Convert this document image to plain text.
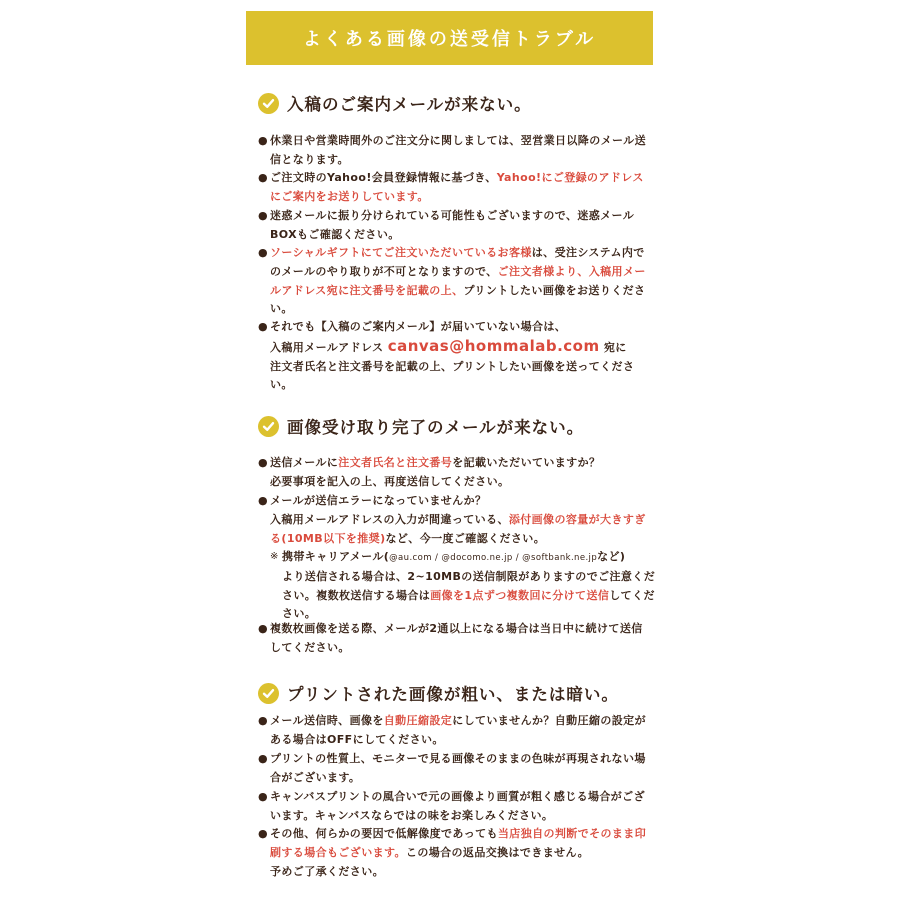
よくある画像の送受信トラブル
入稿のご案内メールが来ない。
● 休業日や営業時間外のご注文分に関しましては、翌営業日以降のメール送信となります。
● ご注文時のYahoo!会員登録情報に基づき、Yahoo!にご登録のアドレスにご案内をお送りしています。
● 迷惑メールに振り分けられている可能性もございますので、迷惑メールBOXもご確認ください。
● ソーシャルギフトにてご注文いただいているお客様は、受注システム内でのメールのやり取りが不可となりますので、ご注文者様より、入稿用メールアドレス宛に注文番号を記載の上、プリントしたい画像をお送りください。
● それでも【入稿のご案内メール】が届いていない場合は、
入稿用メールアドレス canvas@hommalab.com 宛に
注文者氏名と注文番号を記載の上、プリントしたい画像を送ってください。
画像受け取り完了のメールが来ない。
● 送信メールに注文者氏名と注文番号を記載いただいていますか？
必要事項を記入の上、再度送信してください。
● メールが送信エラーになっていませんか？
入稿用メールアドレスの入力が間違っている、添付画像の容量が大きすぎる(10MB以下を推奨)など、今一度ご確認ください。
※ 携帯キャリアメール(@au.com / @docomo.ne.jp / @softbank.ne.jpなど)
より送信される場合は、2~10MBの送信制限がありますのでご注意ください。複数枚送信する場合は画像を1点ずつ複数回に分けて送信してください。
● 複数枚画像を送る際、メールが2通以上になる場合は当日中に続けて送信してください。
プリントされた画像が粗い、または暗い。
● メール送信時、画像を自動圧縮設定にしていませんか？自動圧縮の設定がある場合はOFFにしてください。
● プリントの性質上、モニターで見る画像そのままの色味が再現されない場合がございます。
● キャンバスプリントの風合いで元の画像より画質が粗く感じる場合がございます。キャンバスならではの味をお楽しみください。
● その他、何らかの要因で低解像度であっても当店独自の判断でそのまま印刷する場合もございます。この場合の返品交換はできません。
予めご了承ください。
